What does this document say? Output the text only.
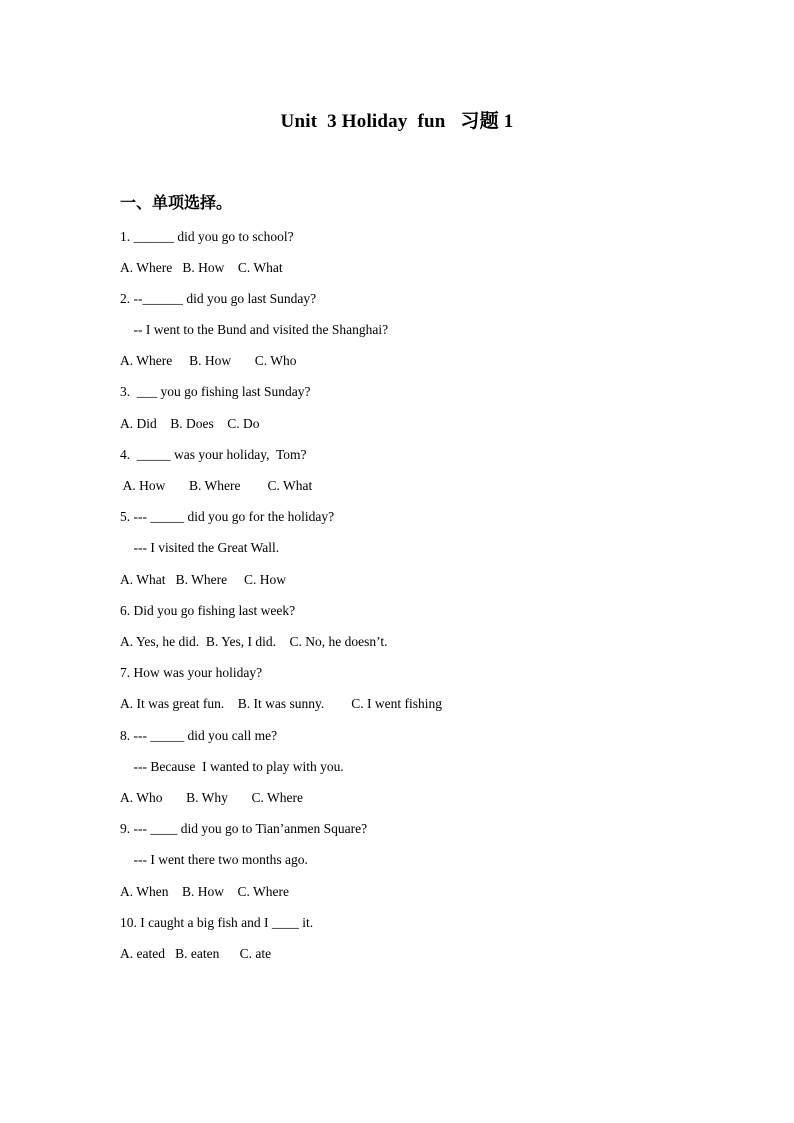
Unit  3 Holiday  fun   习题 1
一、单项选择。
1. ______ did you go to school?
A. Where   B. How    C. What
2. --______ did you go last Sunday?
-- I went to the Bund and visited the Shanghai?
A. Where     B. How       C. Who
3.  ___ you go fishing last Sunday?
A. Did    B. Does    C. Do
4.  _____ was your holiday,  Tom?
A. How       B. Where        C. What
5. --- _____ did you go for the holiday?
--- I visited the Great Wall.
A. What   B. Where     C. How
6. Did you go fishing last week?
A. Yes, he did.  B. Yes, I did.    C. No, he doesn’t.
7. How was your holiday?
A. It was great fun.    B. It was sunny.        C. I went fishing
8. --- _____ did you call me?
--- Because  I wanted to play with you.
A. Who       B. Why       C. Where
9. --- ____ did you go to Tian’anmen Square?
--- I went there two months ago.
A. When    B. How    C. Where
10. I caught a big fish and I ____ it.
A. eated   B. eaten      C. ate
